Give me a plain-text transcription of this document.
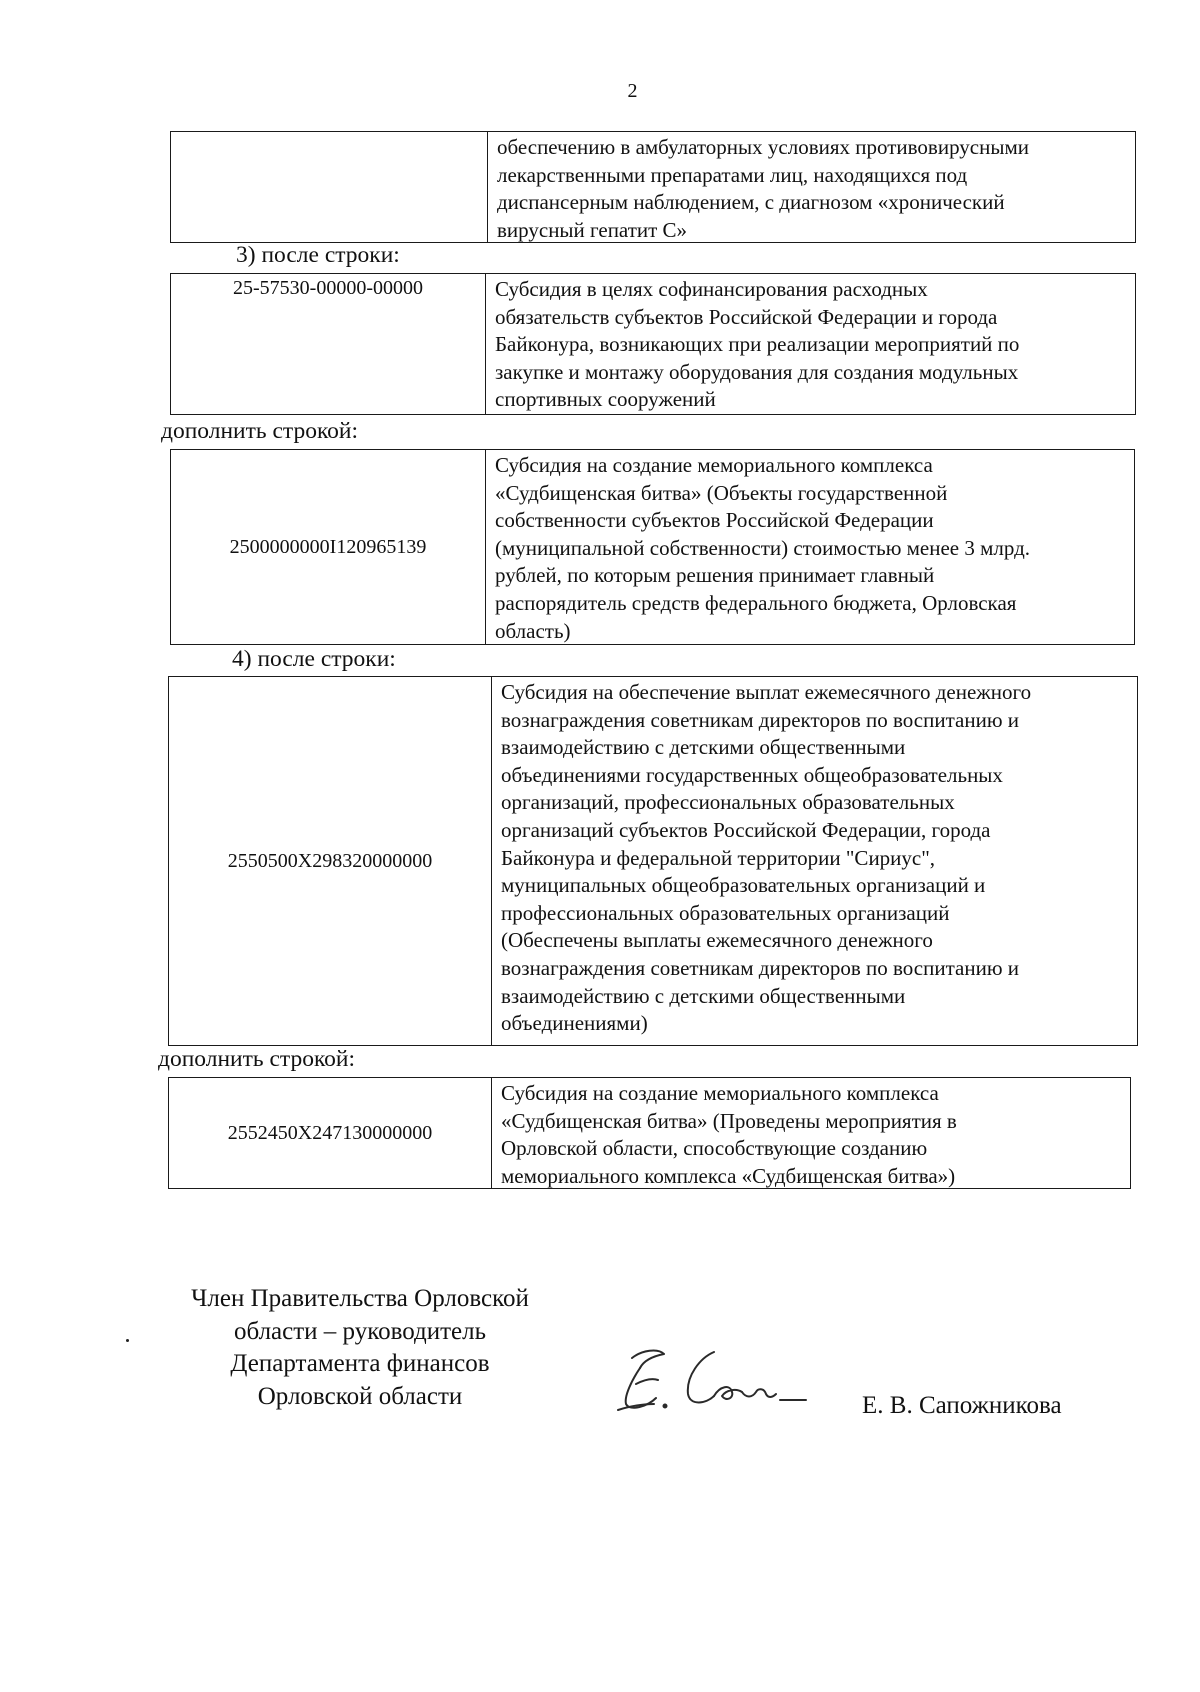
2
обеспечению в амбулаторных условиях противовирусными
лекарственными препаратами лиц, находящихся под
диспансерным наблюдением, с диагнозом «хронический
вирусный гепатит С»
3) после строки:
25-57530-00000-00000	Субсидия в целях софинансирования расходных
обязательств субъектов Российской Федерации и города
Байконура, возникающих при реализации мероприятий по
закупке и монтажу оборудования для создания модульных
спортивных сооружений
дополнить строкой:
2500000000I120965139
Субсидия на создание мемориального комплекса
«Судбищенская битва» (Объекты государственной
собственности субъектов Российской Федерации
(муниципальной собственности) стоимостью менее 3 млрд.
рублей, по которым решения принимает главный
распорядитель средств федерального бюджета, Орловская
область)
4) после строки:
2550500Х298320000000
Субсидия на обеспечение выплат ежемесячного денежного
вознаграждения советникам директоров по воспитанию и
взаимодействию с детскими общественными
объединениями государственных общеобразовательных
организаций, профессиональных образовательных
организаций субъектов Российской Федерации, города
Байконура и федеральной территории "Сириус",
муниципальных общеобразовательных организаций и
профессиональных образовательных организаций
(Обеспечены выплаты ежемесячного денежного
вознаграждения советникам директоров по воспитанию и
взаимодействию с детскими общественными
объединениями)
дополнить строкой:
2552450Х247130000000
Субсидия на создание мемориального комплекса
«Судбищенская битва» (Проведены мероприятия в
Орловской области, способствующие созданию
мемориального комплекса «Судбищенская битва»)
Член Правительства Орловской
области – руководитель
Департамента финансов
Орловской области	Е. В. Сапожникова
